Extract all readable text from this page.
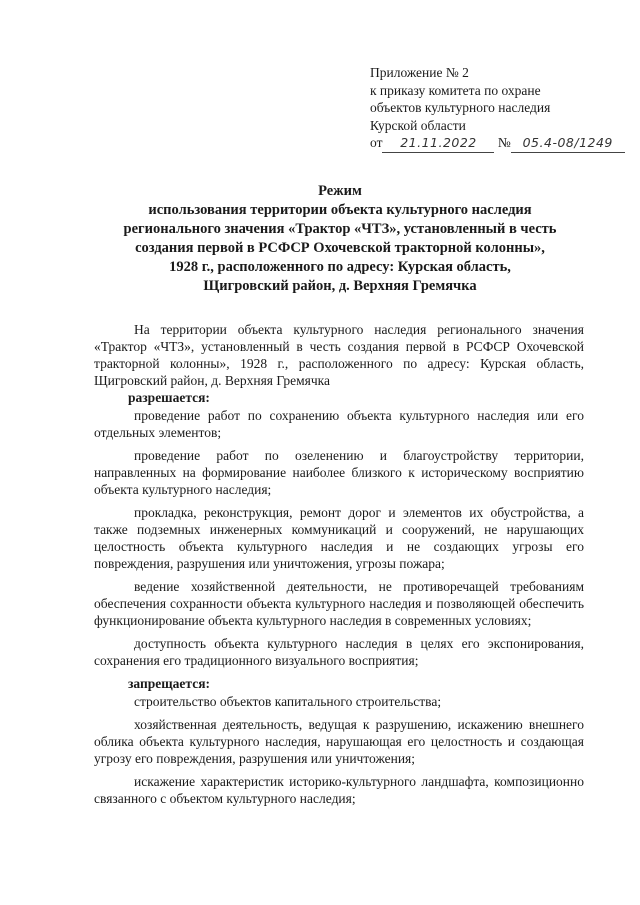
Приложение № 2
к приказу комитета по охране
объектов культурного наследия
Курской области
от 21.11.2022 № 05.4-08/1249
Режим
использования территории объекта культурного наследия
регионального значения «Трактор «ЧТЗ», установленный в честь
создания первой в РСФСР Охочевской тракторной колонны»,
1928 г., расположенного по адресу: Курская область,
Щигровский район, д. Верхняя Гремячка

На территории объекта культурного наследия регионального значения «Трактор «ЧТЗ», установленный в честь создания первой в РСФСР Охочевской тракторной колонны», 1928 г., расположенного по адресу: Курская область, Щигровский район, д. Верхняя Гремячка

разрешается:

проведение работ по сохранению объекта культурного наследия или его отдельных элементов;

проведение работ по озеленению и благоустройству территории, направленных на формирование наиболее близкого к историческому восприятию объекта культурного наследия;

прокладка, реконструкция, ремонт дорог и элементов их обустройства, а также подземных инженерных коммуникаций и сооружений, не нарушающих целостность объекта культурного наследия и не создающих угрозы его повреждения, разрушения или уничтожения, угрозы пожара;

ведение хозяйственной деятельности, не противоречащей требованиям обеспечения сохранности объекта культурного наследия и позволяющей обеспечить функционирование объекта культурного наследия в современных условиях;

доступность объекта культурного наследия в целях его экспонирования, сохранения его традиционного визуального восприятия;

запрещается:

строительство объектов капитального строительства;

хозяйственная деятельность, ведущая к разрушению, искажению внешнего облика объекта культурного наследия, нарушающая его целостность и создающая угрозу его повреждения, разрушения или уничтожения;

искажение характеристик историко-культурного ландшафта, композиционно связанного с объектом культурного наследия;
